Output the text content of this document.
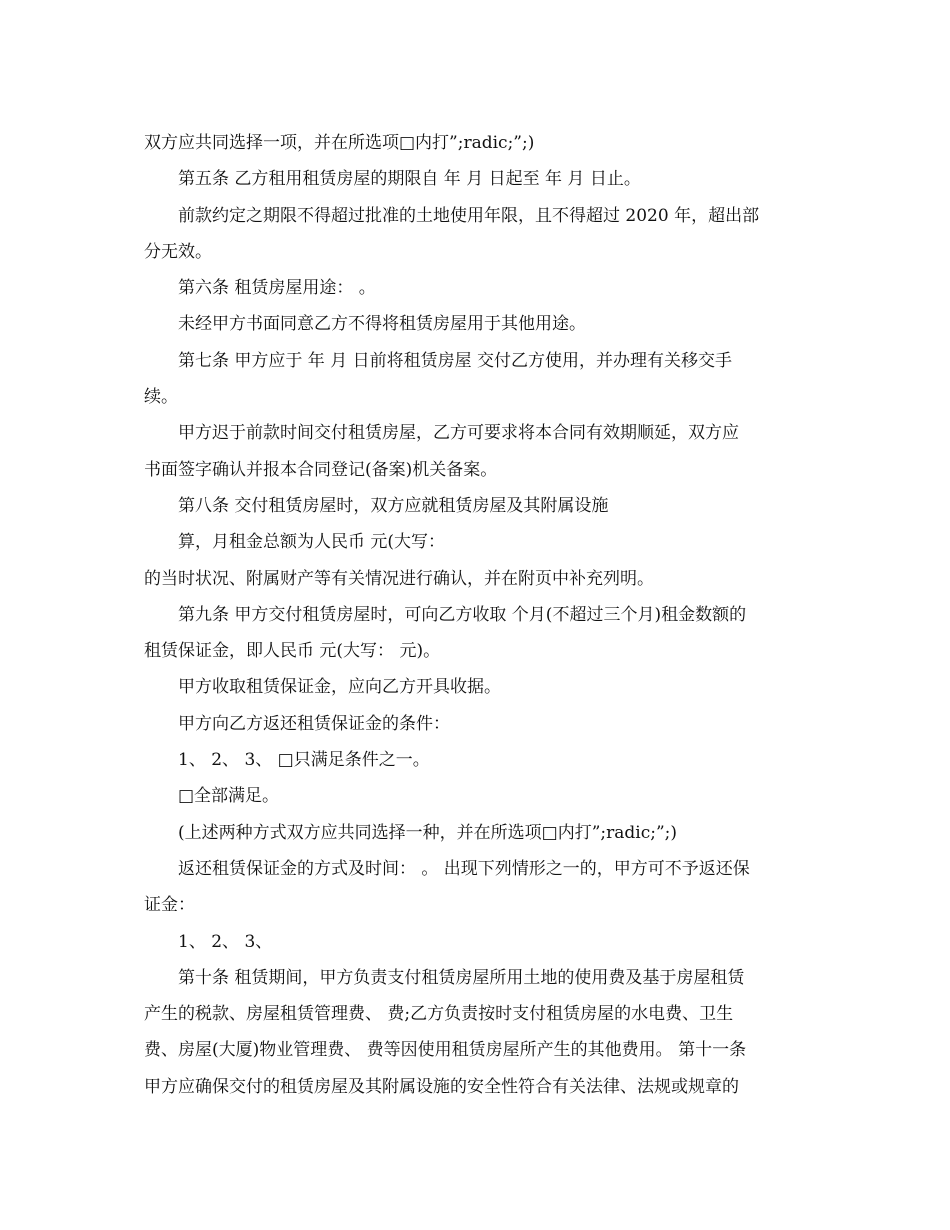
双方应共同选择一项，并在所选项□内打”;radic;”;)
第五条 乙方租用租赁房屋的期限自 年 月 日起至 年 月 日止。
前款约定之期限不得超过批准的土地使用年限，且不得超过 2020 年，超出部
分无效。
第六条 租赁房屋用途： 。
未经甲方书面同意乙方不得将租赁房屋用于其他用途。
第七条 甲方应于 年 月 日前将租赁房屋 交付乙方使用，并办理有关移交手
续。
甲方迟于前款时间交付租赁房屋，乙方可要求将本合同有效期顺延，双方应
书面签字确认并报本合同登记(备案)机关备案。
第八条 交付租赁房屋时，双方应就租赁房屋及其附属设施
算，月租金总额为人民币 元(大写：
的当时状况、附属财产等有关情况进行确认，并在附页中补充列明。
第九条 甲方交付租赁房屋时，可向乙方收取 个月(不超过三个月)租金数额的
租赁保证金，即人民币 元(大写： 元)。
甲方收取租赁保证金，应向乙方开具收据。
甲方向乙方返还租赁保证金的条件：
1、 2、 3、 □只满足条件之一。
□全部满足。
(上述两种方式双方应共同选择一种，并在所选项□内打”;radic;”;)
返还租赁保证金的方式及时间： 。 出现下列情形之一的，甲方可不予返还保
证金：
1、 2、 3、
第十条 租赁期间，甲方负责支付租赁房屋所用土地的使用费及基于房屋租赁
产生的税款、房屋租赁管理费、 费;乙方负责按时支付租赁房屋的水电费、卫生
费、房屋(大厦)物业管理费、 费等因使用租赁房屋所产生的其他费用。 第十一条
甲方应确保交付的租赁房屋及其附属设施的安全性符合有关法律、法规或规章的
